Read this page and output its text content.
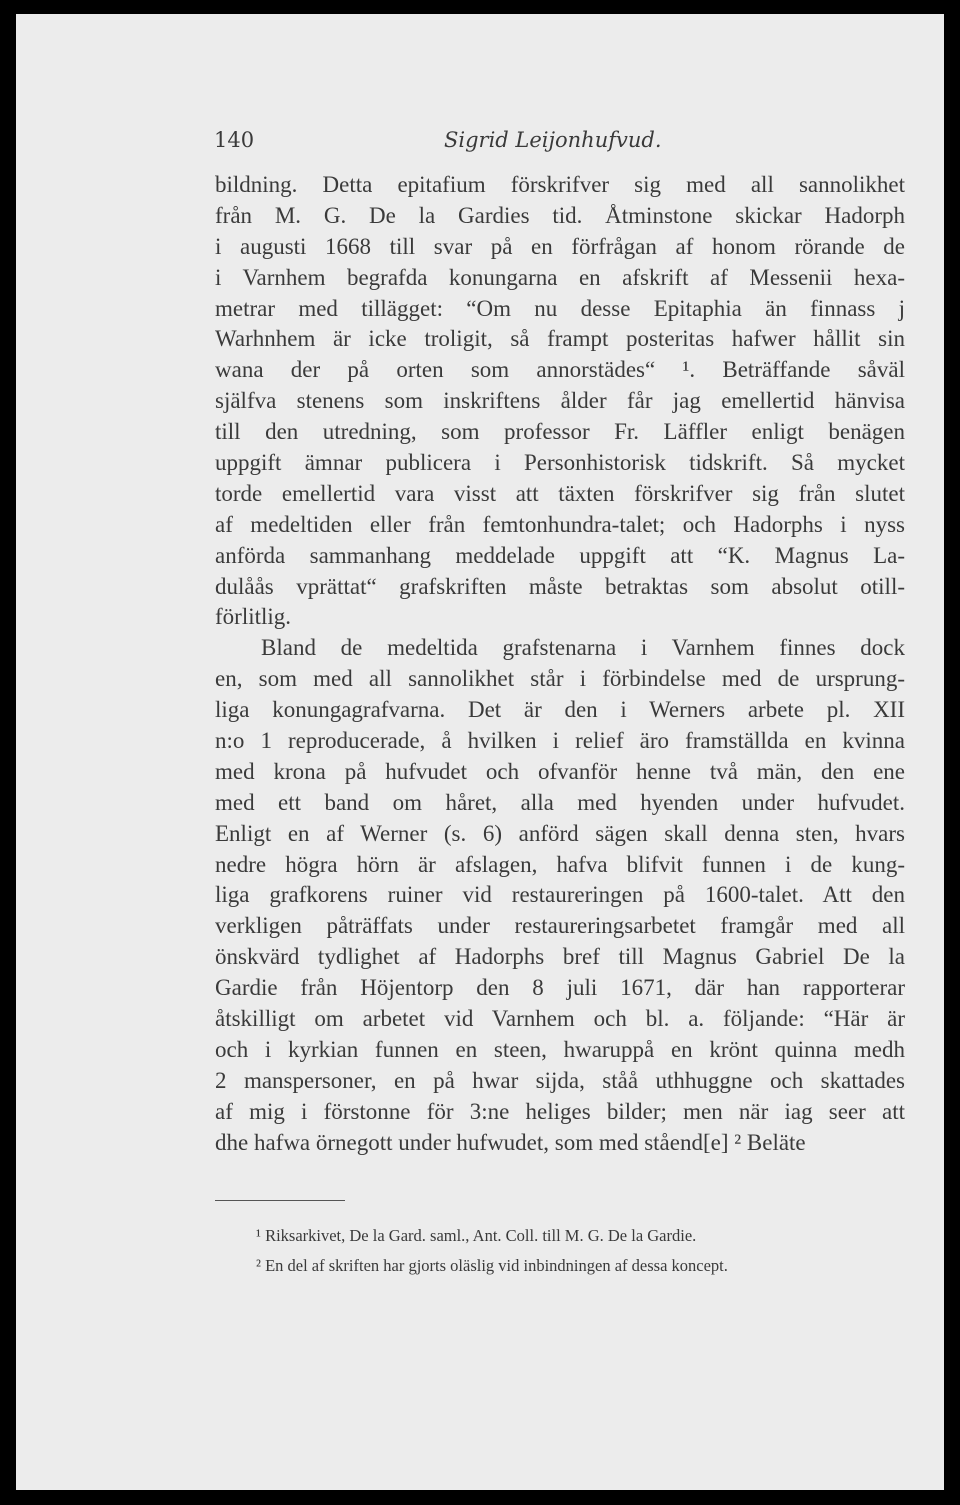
140	Sigrid Leijonhufvud.
bildning. Detta epitafium förskrifver sig med all sannolikhet
från M. G. De la Gardies tid. Åtminstone skickar Hadorph
i augusti 1668 till svar på en förfrågan af honom rörande de
i Varnhem begrafda konungarna en afskrift af Messenii hexa-
metrar med tillägget: “Om nu desse Epitaphia än finnass j
Warhnhem är icke troligit, så frampt posteritas hafwer hållit sin
wana der på orten som annorstädes“ ¹. Beträffande såväl
själfva stenens som inskriftens ålder får jag emellertid hänvisa
till den utredning, som professor Fr. Läffler enligt benägen
uppgift ämnar publicera i Personhistorisk tidskrift. Så mycket
torde emellertid vara visst att täxten förskrifver sig från slutet
af medeltiden eller från femtonhundra-talet; och Hadorphs i nyss
anförda sammanhang meddelade uppgift att “K. Magnus La-
dulåås vprättat“ grafskriften måste betraktas som absolut otill-
förlitlig.
Bland de medeltida grafstenarna i Varnhem finnes dock
en, som med all sannolikhet står i förbindelse med de ursprung-
liga konungagrafvarna. Det är den i Werners arbete pl. XII
n:o 1 reproducerade, å hvilken i relief äro framställda en kvinna
med krona på hufvudet och ofvanför henne två män, den ene
med ett band om håret, alla med hyenden under hufvudet.
Enligt en af Werner (s. 6) anförd sägen skall denna sten, hvars
nedre högra hörn är afslagen, hafva blifvit funnen i de kung-
liga grafkorens ruiner vid restaureringen på 1600-talet. Att den
verkligen påträffats under restaureringsarbetet framgår med all
önskvärd tydlighet af Hadorphs bref till Magnus Gabriel De la
Gardie från Höjentorp den 8 juli 1671, där han rapporterar
åtskilligt om arbetet vid Varnhem och bl. a. följande: “Här är
och i kyrkian funnen en steen, hwaruppå en krönt quinna medh
2 manspersoner, en på hwar sijda, ståå uthhuggne och skattades
af mig i förstonne för 3:ne heliges bilder; men när iag seer att
dhe hafwa örnegott under hufwudet, som med ståend[e] ² Beläte
¹ Riksarkivet, De la Gard. saml., Ant. Coll. till M. G. De la Gardie.
² En del af skriften har gjorts oläslig vid inbindningen af dessa koncept.
